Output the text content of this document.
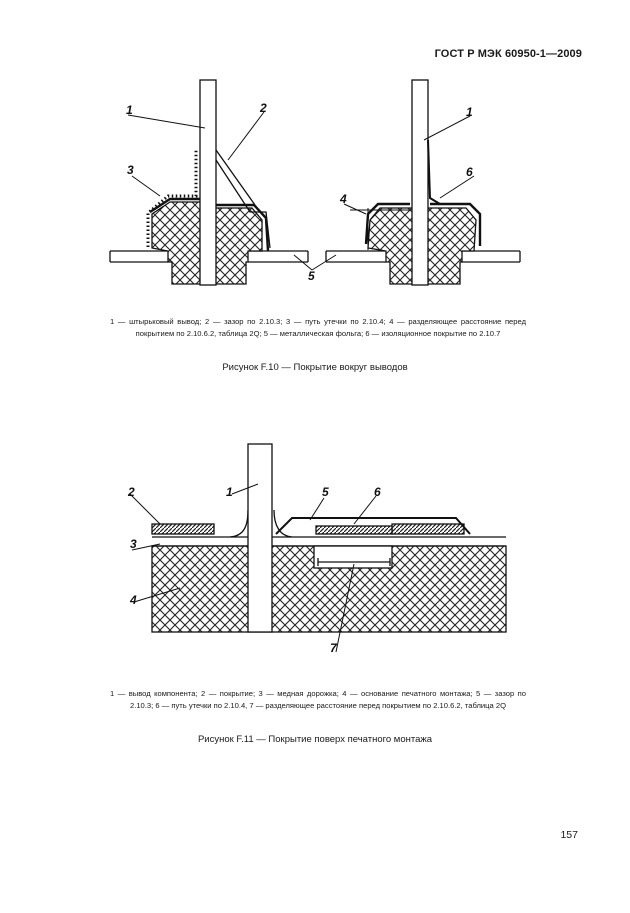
ГОСТ Р МЭК 60950-1—2009
1	2
3
4
5
6
1
1 — штырьковый вывод; 2 — зазор по 2.10.3; 3 — путь утечки по 2.10.4; 4 — разделяющее расстояние перед покрытием по 2.10.6.2, таблица 2Q; 5 — металлическая фольга; 6 — изоляционное покрытие по 2.10.7
Рисунок F.10 — Покрытие вокруг выводов
2
3
4
1	5	6
7
1 — вывод компонента; 2 — покрытие; 3 — медная дорожка; 4 — основание печатного монтажа; 5 — зазор по 2.10.3; 6 — путь утечки по 2.10.4, 7 — разделяющее расстояние перед покрытием по 2.10.6.2, таблица 2Q
Рисунок F.11 — Покрытие поверх печатного монтажа
157
